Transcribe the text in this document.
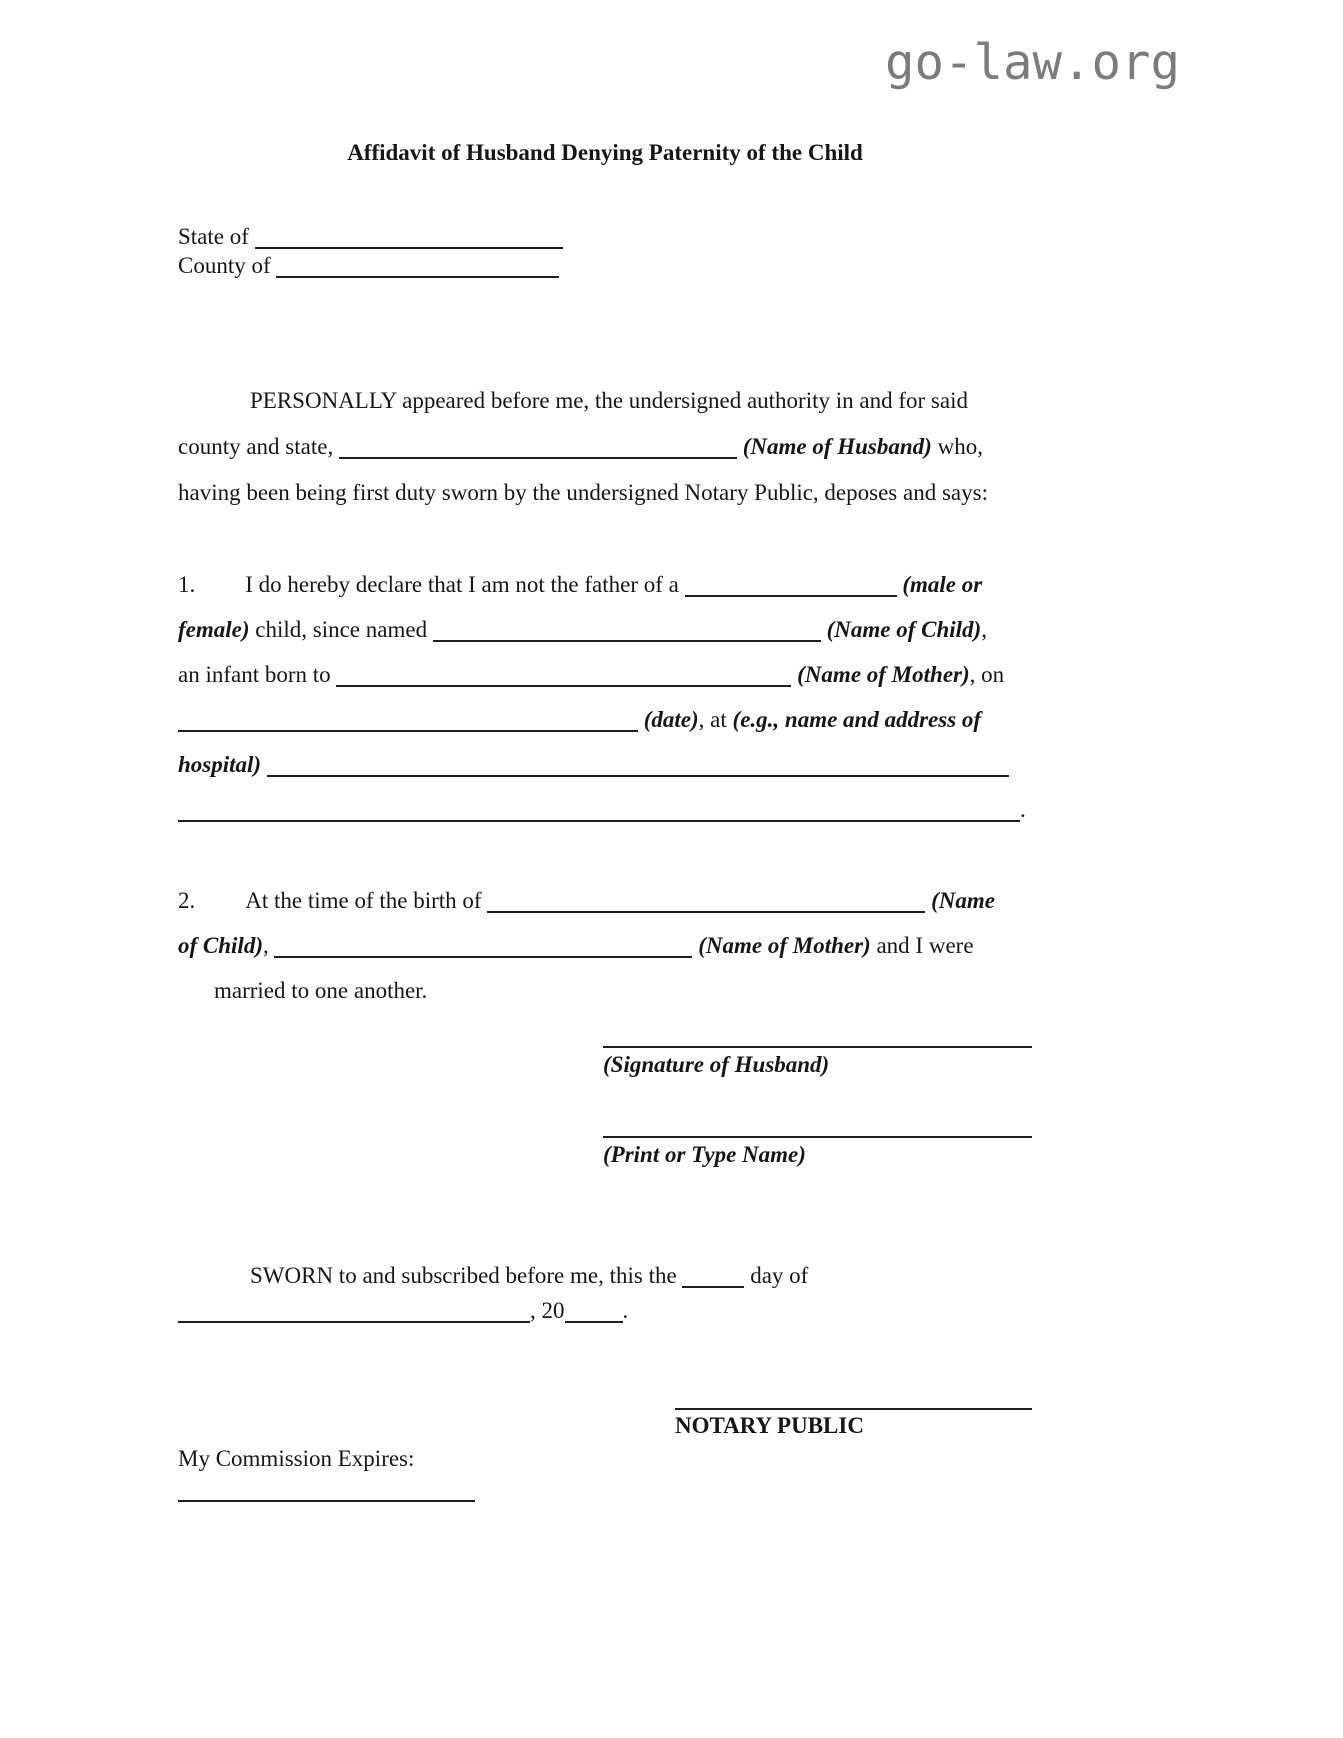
go-law.org
Affidavit of Husband Denying Paternity of the Child
State of
County of
PERSONALLY appeared before me, the undersigned authority in and for said
county and state,	(Name of Husband) who,
having been being first duty sworn by the undersigned Notary Public, deposes and says:
1. I do hereby declare that I am not the father of a	(male or
female) child, since named	(Name of Child),
an infant born to	(Name of Mother), on
(date), at (e.g., name and address of
hospital)
.
2. At the time of the birth of	(Name
of Child),	(Name of Mother) and I were
married to one another.
(Signature of Husband)
(Print or Type Name)
SWORN to and subscribed before me, this the	day of
, 20	.
NOTARY PUBLIC
My Commission Expires:
